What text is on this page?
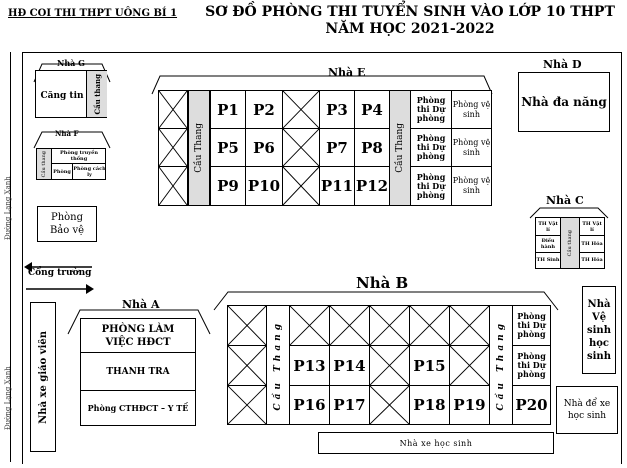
HĐ COI THI THPT UÔNG BÍ 1	SƠ ĐỒ PHÒNG THI TUYỂN SINH VÀO LỚP 10 THPT
NĂM HỌC 2021-2022
Đường Lạng Xanh
Đường Lạng Xanh
Nhà G
Căng tin Cầu thang
Nhà F
Cầu thang	Phòng truyền thống
Phòng Phòng cách ly
Phòng
Bảo vệ
Cổng trường
Nhà xe giáo viên
Nhà A
PHÒNG LÀM VIỆC HĐCT
THANH TRA
Phòng CTHĐCT – Y TẾ
Nhà E
Cầu Thang
P1 P2
P5 P6
P9 P10
P3 P4
P7 P8
P11 P12
Cầu Thang
Phòng thi Dự phòng
Phòng thi Dự phòng
Phòng thi Dự phòng
Phòng vệ sinh
Phòng vệ sinh
Phòng vệ sinh
Nhà D
Nhà đa năng
Nhà C
TH Vật lí
Điều hành
TH Sinh
Cầu thang
TH Vật lí
TH Hóa
TH Hóa
Nhà B
Cầu Thang P13 P14	P15
P16 P17	P18 P19	Cầu Thang
Phòng thi Dự phòng
Phòng thi Dự phòng
P20
Nhà Vệ sinh học sinh
Nhà để xe học sinh
Nhà xe học sinh
